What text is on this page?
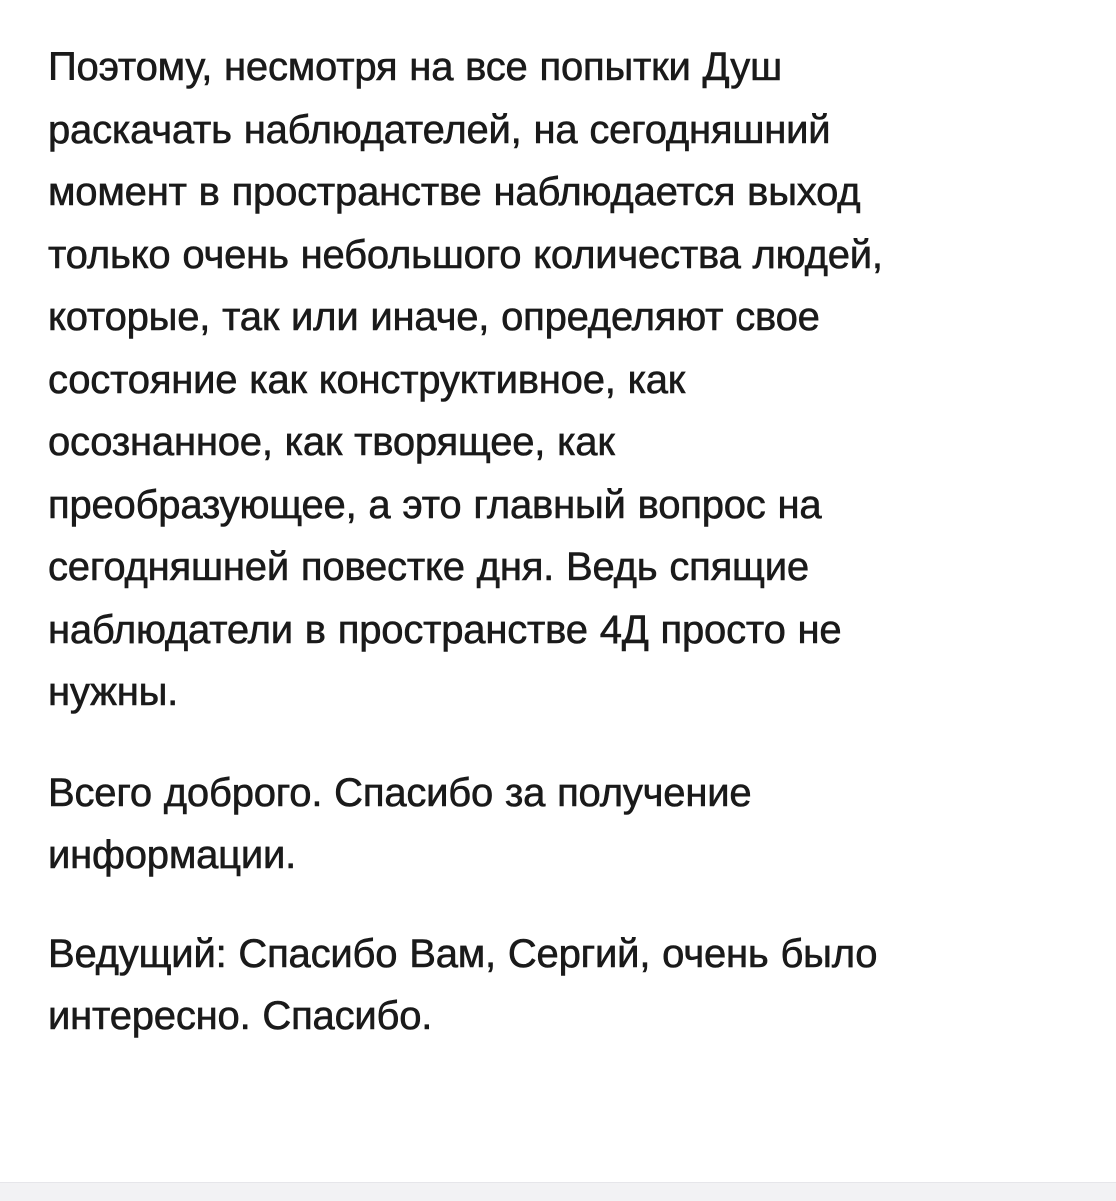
Поэтому, несмотря на все попытки Душ
раскачать наблюдателей, на сегодняшний
момент в пространстве наблюдается выход
только очень небольшого количества людей,
которые, так или иначе, определяют свое
состояние как конструктивное, как
осознанное, как творящее, как
преобразующее, а это главный вопрос на
сегодняшней повестке дня. Ведь спящие
наблюдатели в пространстве 4Д просто не
нужны.

Всего доброго. Спасибо за получение
информации.

Ведущий: Спасибо Вам, Сергий, очень было
интересно. Спасибо.
